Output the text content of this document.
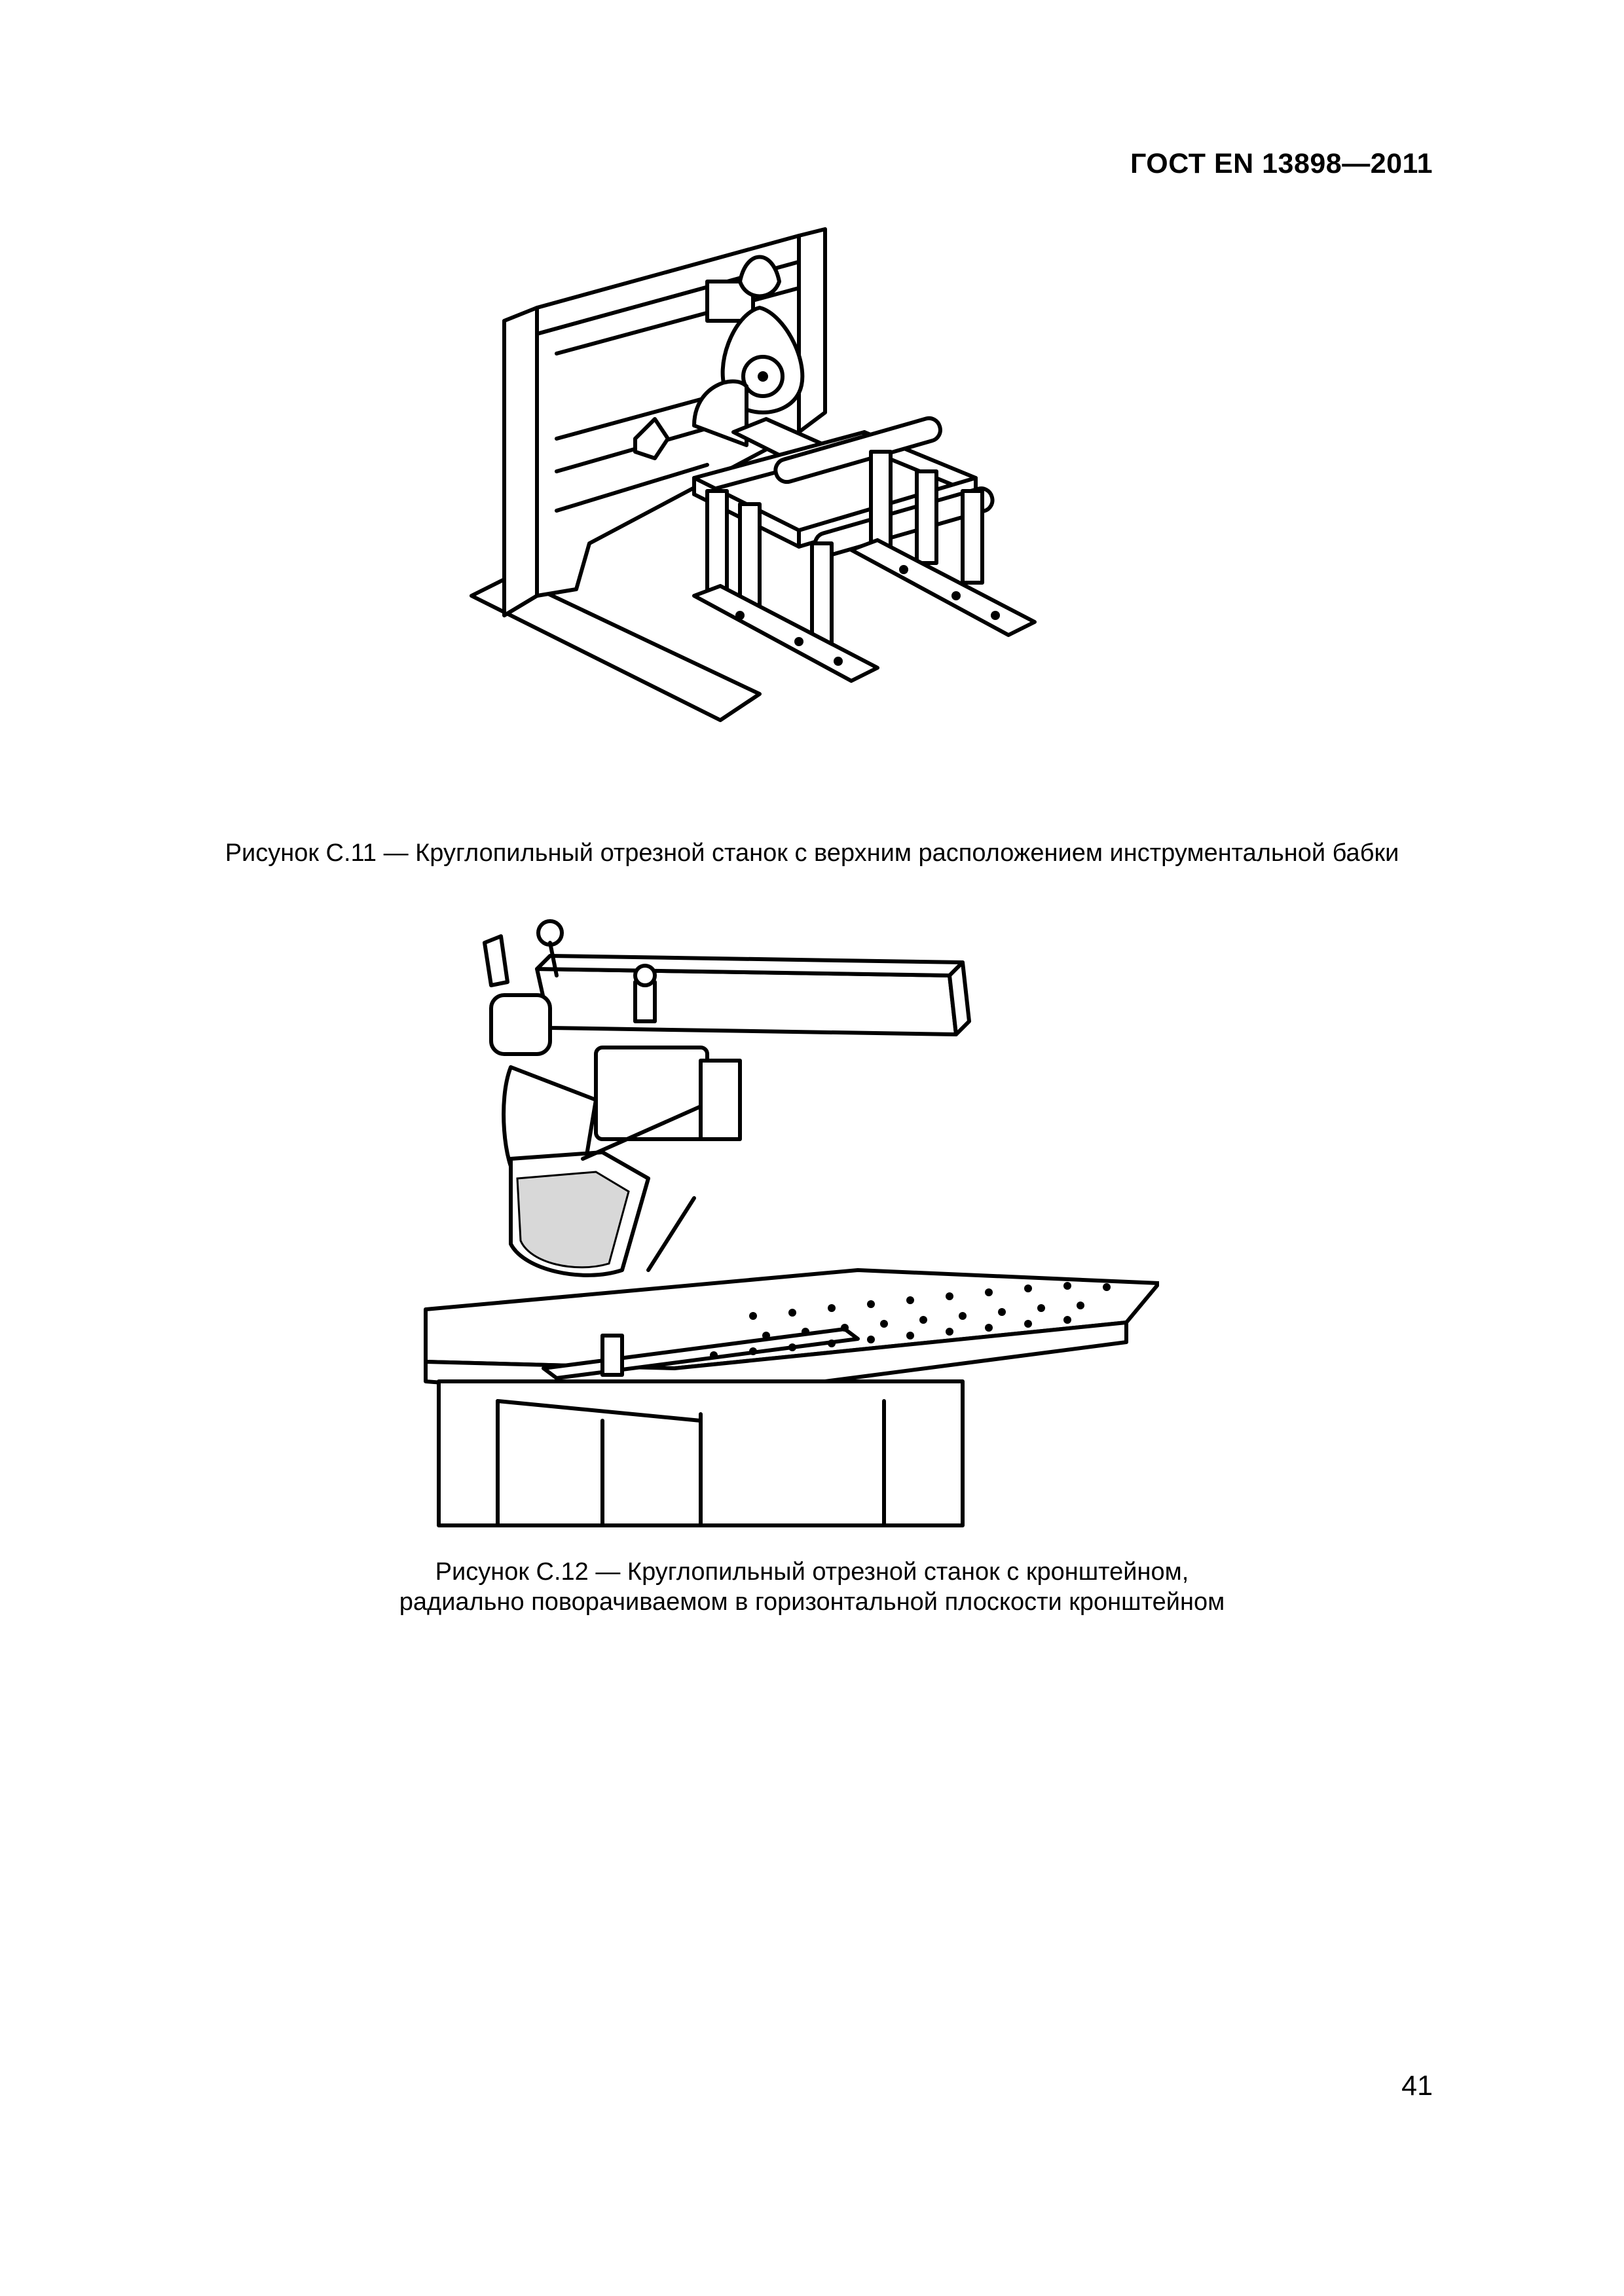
ГОСТ EN 13898—2011
Рисунок С.11 — Круглопильный отрезной станок с верхним расположением инструментальной бабки
Рисунок С.12 — Круглопильный отрезной станок с кронштейном,
радиально поворачиваемом в горизонтальной плоскости кронштейном
41
